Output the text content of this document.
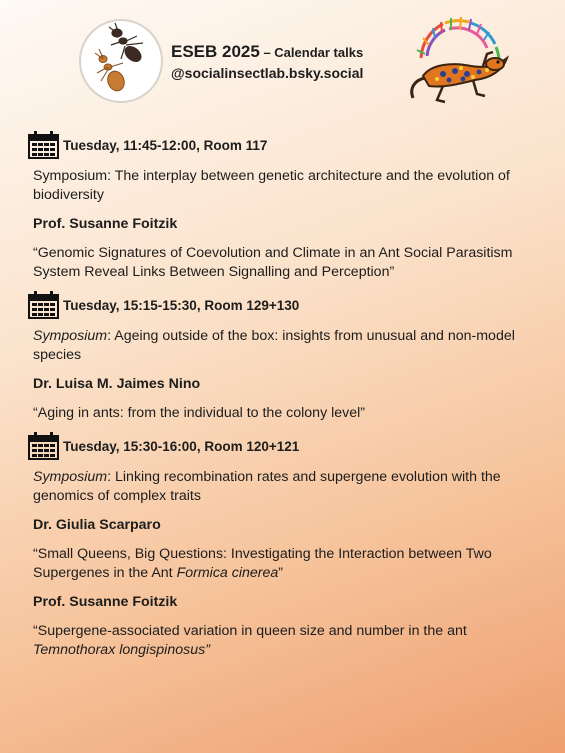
ESEB 2025 – Calendar talks
@socialinsectlab.bsky.social
Tuesday, 11:45-12:00, Room 117
Symposium: The interplay between genetic architecture and the evolution of biodiversity
Prof. Susanne Foitzik
“Genomic Signatures of Coevolution and Climate in an Ant Social Parasitism System Reveal Links Between Signalling and Perception”
Tuesday, 15:15-15:30, Room 129+130
Symposium: Ageing outside of the box: insights from unusual and non-model species
Dr. Luisa M. Jaimes Nino
“Aging in ants: from the individual to the colony level”
Tuesday, 15:30-16:00, Room 120+121
Symposium: Linking recombination rates and supergene evolution with the genomics of complex traits
Dr. Giulia Scarparo
“Small Queens, Big Questions: Investigating the Interaction between Two Supergenes in the Ant Formica cinerea”
Prof. Susanne Foitzik
“Supergene-associated variation in queen size and number in the ant Temnothorax longispinosus”
